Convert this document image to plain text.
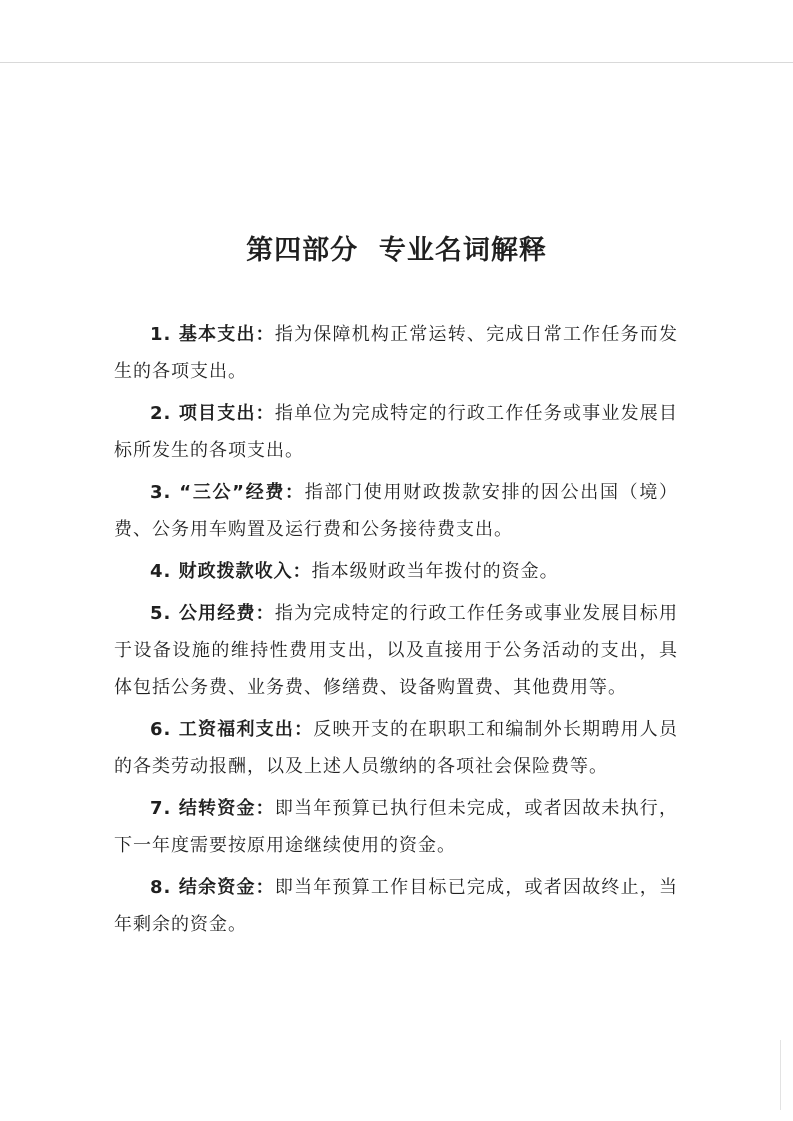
第四部分  专业名词解释

1. 基本支出：指为保障机构正常运转、完成日常工作任务而发生的各项支出。

2. 项目支出：指单位为完成特定的行政工作任务或事业发展目标所发生的各项支出。

3. “三公”经费：指部门使用财政拨款安排的因公出国（境）费、公务用车购置及运行费和公务接待费支出。

4. 财政拨款收入：指本级财政当年拨付的资金。

5. 公用经费：指为完成特定的行政工作任务或事业发展目标用于设备设施的维持性费用支出，以及直接用于公务活动的支出，具体包括公务费、业务费、修缮费、设备购置费、其他费用等。

6. 工资福利支出：反映开支的在职职工和编制外长期聘用人员的各类劳动报酬，以及上述人员缴纳的各项社会保险费等。

7. 结转资金：即当年预算已执行但未完成，或者因故未执行，下一年度需要按原用途继续使用的资金。

8. 结余资金：即当年预算工作目标已完成，或者因故终止，当年剩余的资金。
